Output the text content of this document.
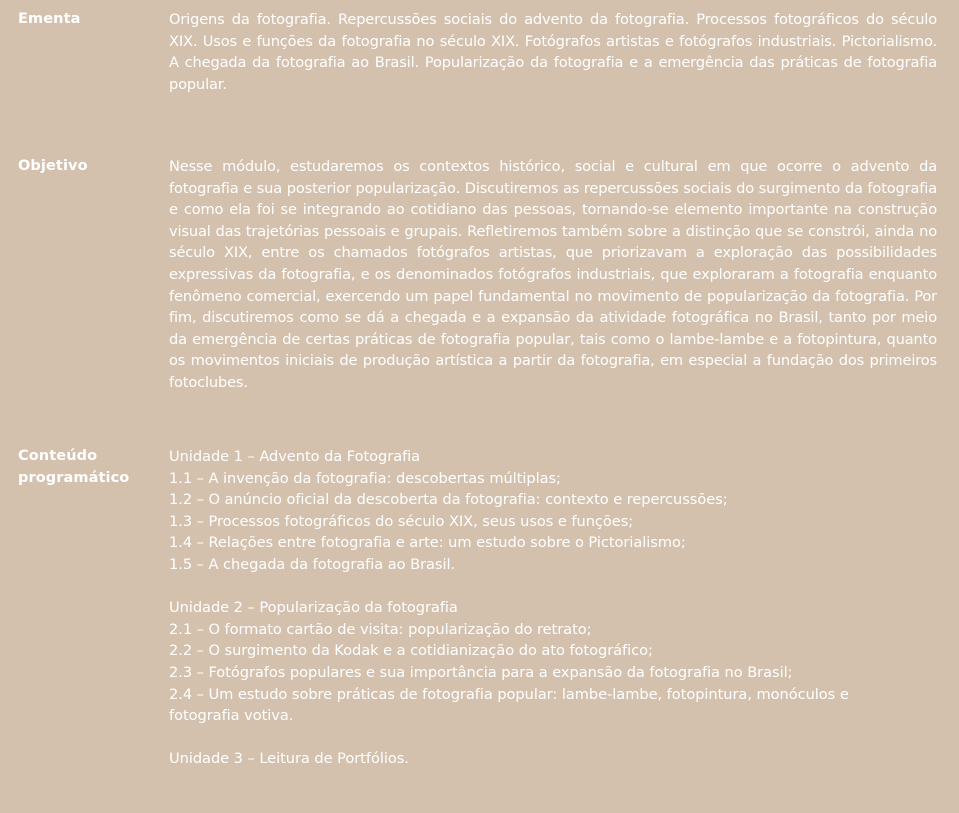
Ementa	Origens da fotografia. Repercussões sociais do advento da fotografia. Processos fotográficos do século XIX. Usos e funções da fotografia no século XIX. Fotógrafos artistas e fotógrafos industriais. Pictorialismo. A chegada da fotografia ao Brasil. Popularização da fotografia e a emergência das práticas de fotografia popular.
Objetivo	Nesse módulo, estudaremos os contextos histórico, social e cultural em que ocorre o advento da fotografia e sua posterior popularização. Discutiremos as repercussões sociais do surgimento da fotografia e como ela foi se integrando ao cotidiano das pessoas, tornando-se elemento importante na construção visual das trajetórias pessoais e grupais. Refletiremos também sobre a distinção que se constrói, ainda no século XIX, entre os chamados fotógrafos artistas, que priorizavam a exploração das possibilidades expressivas da fotografia, e os denominados fotógrafos industriais, que exploraram a fotografia enquanto fenômeno comercial, exercendo um papel fundamental no movimento de popularização da fotografia. Por fim, discutiremos como se dá a chegada e a expansão da atividade fotográfica no Brasil, tanto por meio da emergência de certas práticas de fotografia popular, tais como o lambe-lambe e a fotopintura, quanto os movimentos iniciais de produção artística a partir da fotografia, em especial a fundação dos primeiros fotoclubes.
Conteúdo
programático
Unidade 1 – Advento da Fotografia
1.1 – A invenção da fotografia: descobertas múltiplas;
1.2 – O anúncio oficial da descoberta da fotografia: contexto e repercussões;
1.3 – Processos fotográficos do século XIX, seus usos e funções;
1.4 – Relações entre fotografia e arte: um estudo sobre o Pictorialismo;
1.5 – A chegada da fotografia ao Brasil.
Unidade 2 – Popularização da fotografia
2.1 – O formato cartão de visita: popularização do retrato;
2.2 – O surgimento da Kodak e a cotidianização do ato fotográfico;
2.3 – Fotógrafos populares e sua importância para a expansão da fotografia no Brasil;
2.4 – Um estudo sobre práticas de fotografia popular: lambe-lambe, fotopintura, monóculos e
fotografia votiva.
Unidade 3 – Leitura de Portfólios.
